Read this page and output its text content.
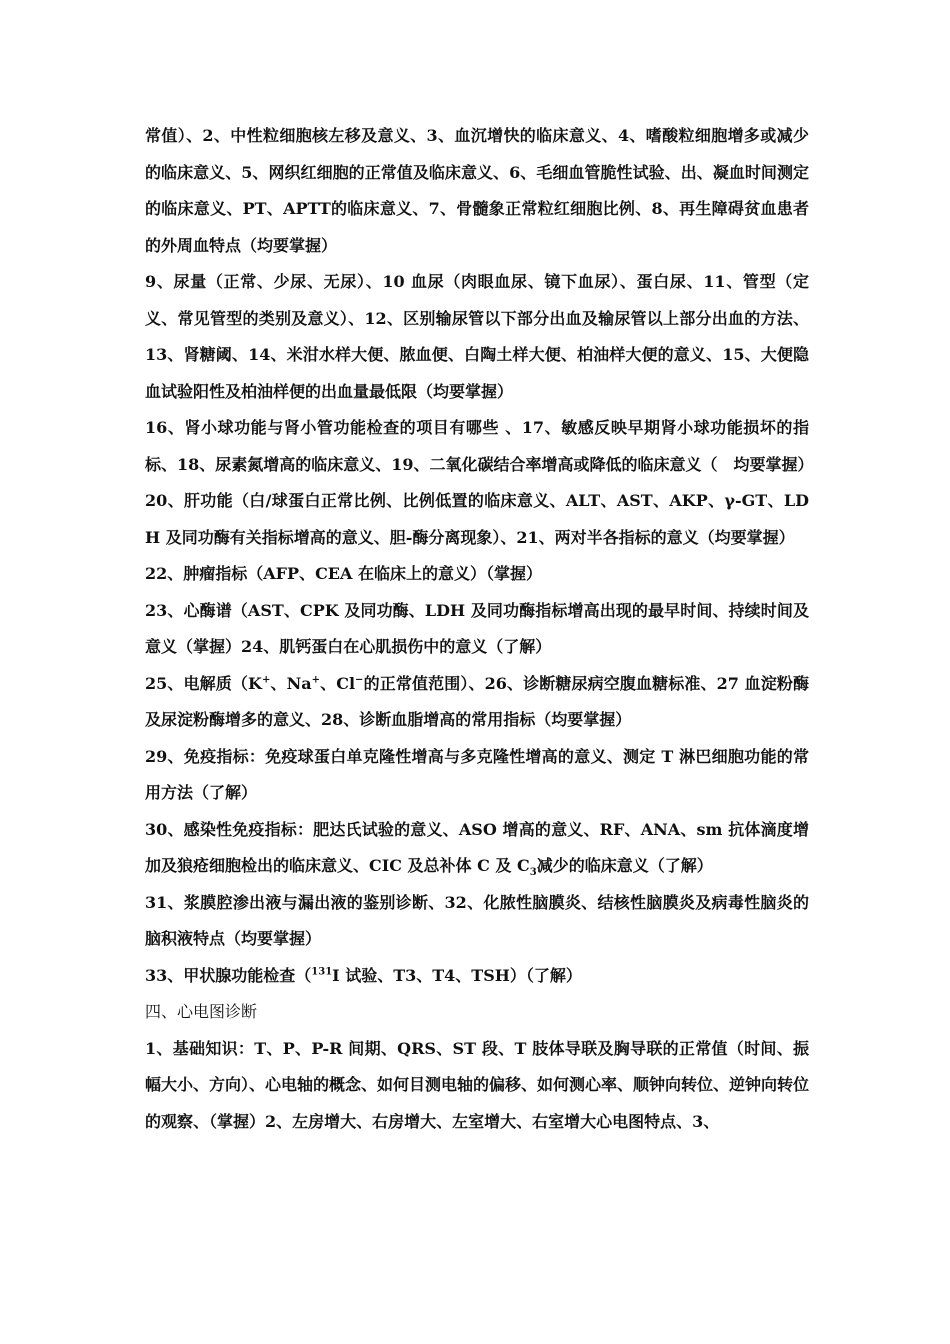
常值）、2、中性粒细胞核左移及意义、3、血沉增快的临床意义、4、嗜酸粒细胞增多或减少的临床意义、5、网织红细胞的正常值及临床意义、6、毛细血管脆性试验、出、凝血时间测定的临床意义、PT、APTT的临床意义、7、骨髓象正常粒红细胞比例、8、再生障碍贫血患者的外周血特点（均要掌握）

9、尿量（正常、少尿、无尿）、10 血尿（肉眼血尿、镜下血尿）、蛋白尿、11、管型（定义、常见管型的类别及意义）、12、区别输尿管以下部分出血及输尿管以上部分出血的方法、13、肾糖阈、14、米泔水样大便、脓血便、白陶土样大便、柏油样大便的意义、15、大便隐血试验阳性及柏油样便的出血量最低限（均要掌握）

16、肾小球功能与肾小管功能检查的项目有哪些 、17、敏感反映早期肾小球功能损坏的指标、18、尿素氮增高的临床意义、19、二氧化碳结合率增高或降低的临床意义（　均要掌握）

20、肝功能（白/球蛋白正常比例、比例低置的临床意义、ALT、AST、AKP、γ-GT、LDH 及同功酶有关指标增高的意义、胆-酶分离现象）、21、两对半各指标的意义（均要掌握）

22、肿瘤指标（AFP、CEA 在临床上的意义）（掌握）

23、心酶谱（AST、CPK 及同功酶、LDH 及同功酶指标增高出现的最早时间、持续时间及意义（掌握）24、肌钙蛋白在心肌损伤中的意义（了解）

25、电解质（K+、Na+、Cl−的正常值范围）、26、诊断糖尿病空腹血糖标准、27 血淀粉酶及尿淀粉酶增多的意义、28、诊断血脂增高的常用指标（均要掌握）

29、免疫指标：免疫球蛋白单克隆性增高与多克隆性增高的意义、测定 T 淋巴细胞功能的常用方法（了解）

30、感染性免疫指标：肥达氏试验的意义、ASO 增高的意义、RF、ANA、sm 抗体滴度增加及狼疮细胞检出的临床意义、CIC 及总补体 C 及 $C_3$减少的临床意义（了解）

31、浆膜腔渗出液与漏出液的鉴别诊断、32、化脓性脑膜炎、结核性脑膜炎及病毒性脑炎的脑积液特点（均要掌握）

33、甲状腺功能检查（$^{131}$I 试验、T3、T4、TSH）（了解）

四、心电图诊断

1、基础知识：T、P、P-R 间期、QRS、ST 段、T 肢体导联及胸导联的正常值（时间、振幅大小、方向）、心电轴的概念、如何目测电轴的偏移、如何测心率、顺钟向转位、逆钟向转位的观察、（掌握）2、左房增大、右房增大、左室增大、右室增大心电图特点、3、
